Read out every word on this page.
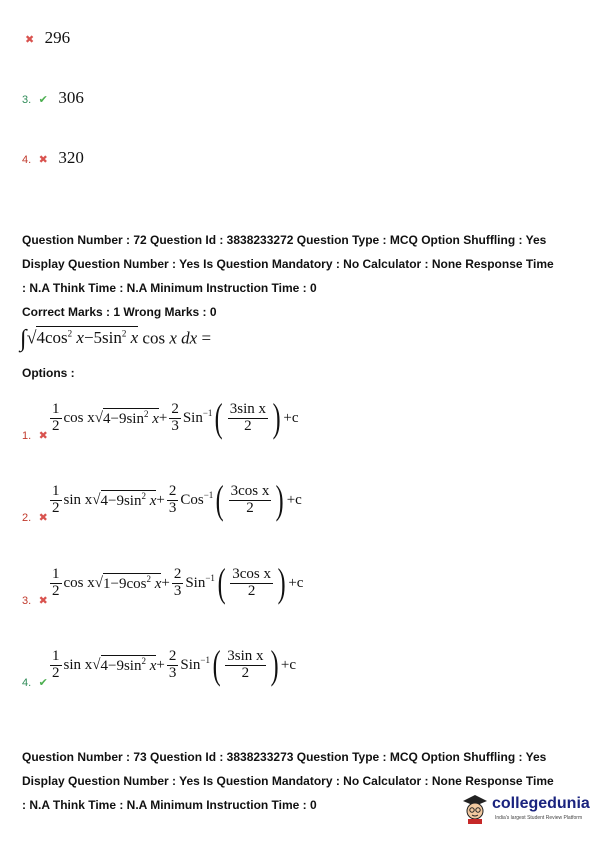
✖ 296
3. ✔ 306
4. ✖ 320
Question Number : 72 Question Id : 3838233272 Question Type : MCQ Option Shuffling : Yes
Display Question Number : Yes Is Question Mandatory : No Calculator : None Response Time
: N.A Think Time : N.A Minimum Instruction Time : 0
Correct Marks : 1 Wrong Marks : 0
$\int√4\cos^2$ $x-5\sin^2$ x cos x dx =
Options :
$\frac{1}{2}$ cos x √ $4-9\sin^2$ $x + \frac{2}{3}$ Sin −1 ( $\frac{\text{3sin x}}{2}$ ) +c
1. ✖
$\frac{1}{2}$ sin x √ $4-9\sin^2$ $x + \frac{2}{3}$ Cos −1 ( $\frac{\text{3cos x}}{2}$ ) +c
2. ✖
$\frac{1}{2}$ cos x √ $1-9\cos^2$ $x + \frac{2}{3}$ Sin −1 ( $\frac{\text{3cos x}}{2}$ ) +c
3. ✖
$\frac{1}{2}$ sin x √ $4-9\sin^2$ $x + \frac{2}{3}$ Sin −1 ( $\frac{\text{3sin x}}{2}$ ) +c
4. ✔
Question Number : 73 Question Id : 3838233273 Question Type : MCQ Option Shuffling : Yes
Display Question Number : Yes Is Question Mandatory : No Calculator : None Response Time
: N.A Think Time : N.A Minimum Instruction Time : 0	collegedunia
India's largest Student Review Platform
